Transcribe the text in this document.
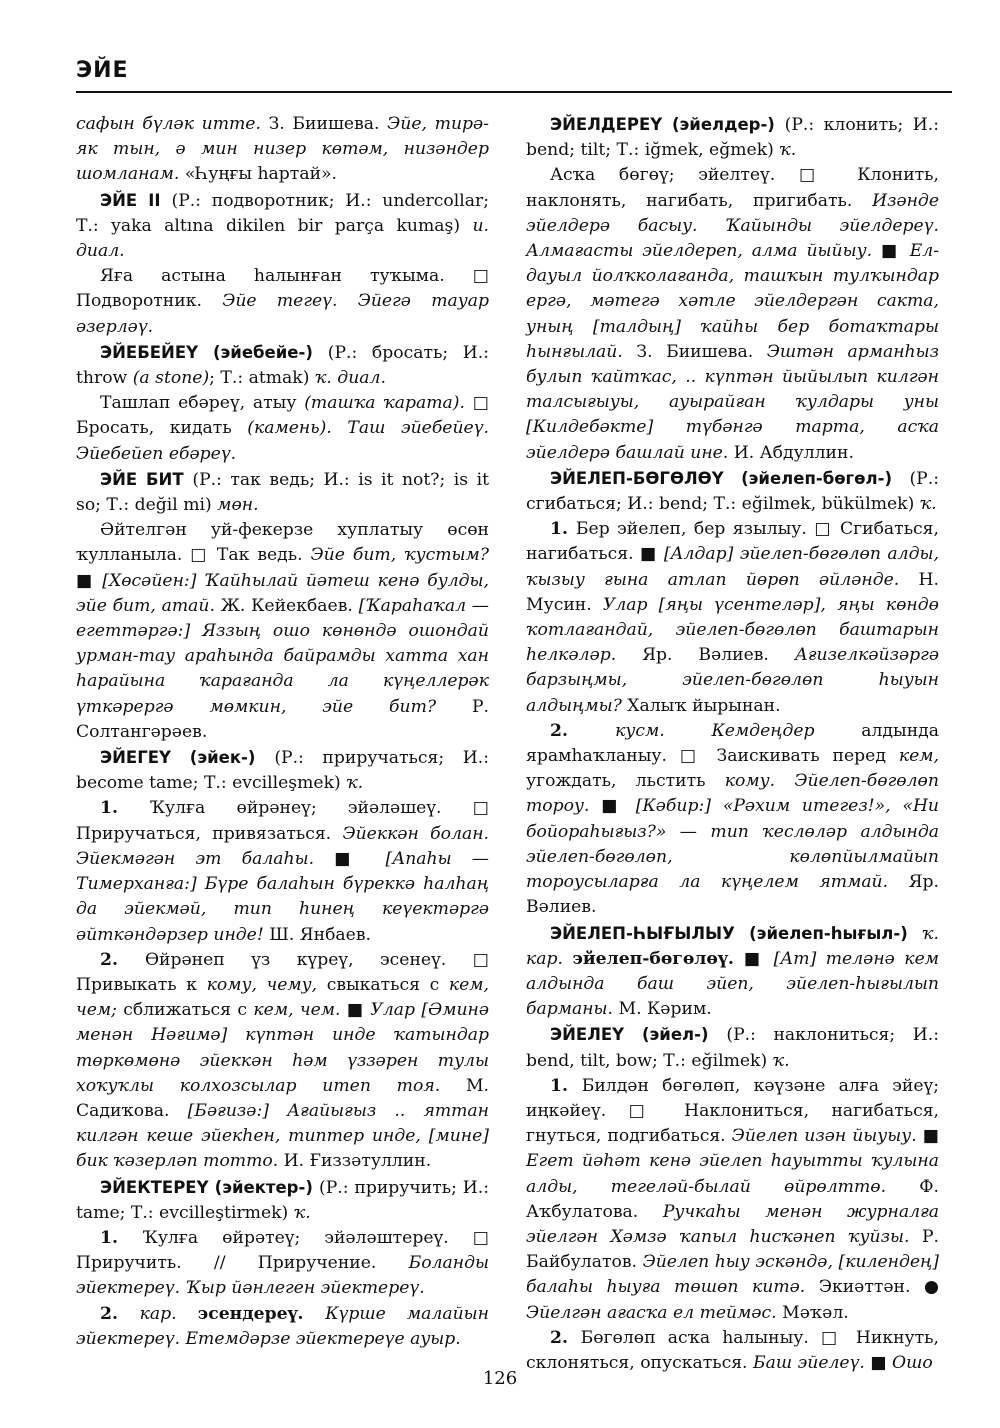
ЭЙЕ

сафын бүләк итте. З. Биишева. Эйе, тирә-як тын, ә мин низер көтәм, низәндер шомланам. «Һуңғы һартай».

ЭЙЕ II (Р.: подворотник; И.: undercollar; Т.: yaka altına dikilen bir parça kumaş) и. диал.

Яға астына һалынған туҡыма. □ Подворотник. Эйе тегеү. Эйегә тауар әзерләү.

ЭЙЕБЕЙЕҮ (эйебейе-) (Р.: бросать; И.: throw (a stone); Т.: atmak) ҡ. диал.

Ташлап ебәреү, атыу (ташҡа ҡарата). □ Бросать, кидать (камень). Таш эйебейеү. Эйебейеп ебәреү.

ЭЙЕ БИТ (Р.: так ведь; И.: is it not?; is it so; Т.: değil mi) мөн.

Әйтелгән уй-фекерзе хуплатыу өсөн ҡулланыла. □ Так ведь. Эйе бит, ҡустым? ■ [Хөсәйен:] Ҡайһылай йәтеш кенә булды, эйе бит, атай. Ж. Кейекбаев. [Ҡараһаҡал — егеттәргә:] Яззың ошо көнөндә ошондай урман-тау араһында байрамды хатта хан һарайына ҡарағанда ла күңеллерәк үткәрергә мөмкин, эйе бит? Р. Солтангәрәев.

ЭЙЕГЕҮ (эйек-) (Р.: приручаться; И.: become tame; Т.: evcilleşmek) ҡ.

1. Ҡулға өйрәнеү; эйәләшеү. □ Приручаться, привязаться. Эйеккән болан. Эйекмәгән эт балаһы. ■ [Апаһы — Тимерханға:] Бүре балаһын бүреккә һалһаң да эйекмәй, тип һинең кеүектәргә әйткәндәрзер инде! Ш. Янбаев.

2. Өйрәнеп үз күреү, эсенеү. □ Привыкать к кому, чему, свыкаться с кем, чем; сближаться с кем, чем. ■ Улар [Әминә менән Нәғимә] күптән инде ҡатындар төркөмөнә эйеккән һәм үззәрен тулы хоҡуҡлы колхозсылар итеп тоя. М. Садиҡова. [Бәғизә:] Ағайығыз .. яттан килгән кеше эйекһен, типтер инде, [мине] бик ҡәзерләп тотто. И. Ғиззәтуллин.

ЭЙЕКТЕРЕҮ (эйектер-) (Р.: приручить; И.: tame; Т.: evcilleştirmek) ҡ.

1. Ҡулға өйрәтеү; эйәләштереү. □ Приручить. // Приручение. Боланды эйектереү. Ҡыр йәнлеген эйектереү.

2. кар. эсендереү. Күрше малайын эйектереү. Етемдәрзе эйектереүе ауыр.

ЭЙЕЛДЕРЕҮ (эйелдер-) (Р.: клонить; И.: bend; tilt; Т.: iğmek, eğmek) ҡ.

Асҡа бөгөү; эйелтеү. □ Клонить, наклонять, нагибать, пригибать. Изәнде эйелдерә басыу. Ҡайынды эйелдереү. Алмағасты эйелдереп, алма йыйыу. ■ Ел-дауыл йолҡколағанда, ташҡын тулҡындар ергә, мәтегә хәтле эйелдергән сакта, уның [талдың] ҡайһы бер ботаҡтары һынғылай. З. Биишева. Эштән арманһыз булып ҡайтҡас, .. күптән йыйылып килгән талсығыуы, ауырайған ҡулдары уны [Килдебәкте] түбәнгә тарта, асҡа эйелдерә башлай ине. И. Абдуллин.

ЭЙЕЛЕП-БӨГӨЛӨҮ (эйелеп-бөгөл-) (Р.: сгибаться; И.: bend; Т.: eğilmek, bükülmek) ҡ.

1. Бер эйелеп, бер язылыу. □ Сгибаться, нагибаться. ■ [Алдар] эйелеп-бөгөлөп алды, ҡызыу ғына атлап йөрөп әйләнде. Н. Мусин. Улар [яңы үсентеләр], яңы көндө ҡотлағандай, эйелеп-бөгөлөп баштарын һелкәләр. Яр. Вәлиев. Ағизелкәйзәргә барзыңмы, эйелеп-бөгөлөп һыуын алдыңмы? Халыҡ йырынан.

2. кусм. Кемдеңдер алдында ярамһаҡланыу. □ Заискивать перед кем, угождать, льстить кому. Эйелеп-бөгөлөп тороу. ■ [Кәбир:] «Рәхим итегез!», «Ни бойораһығыз?» — тип ҡеслөләр алдында эйелеп-бөгөлөп, көлөпйылмайып тороусыларға ла күңелем ятмай. Яр. Вәлиев.

ЭЙЕЛЕП-ҺЫҒЫЛЫУ (эйелеп-һығыл-) ҡ. кар. эйелеп-бөгөлөү. ■ [Ат] теләнә кем алдында баш эйеп, эйелеп-һығылып барманы. М. Кәрим.

ЭЙЕЛЕҮ (эйел-) (Р.: наклониться; И.: bend, tilt, bow; Т.: eğilmek) ҡ.

1. Билдән бөгөлөп, кәүзәне алға эйеү; иңкәйеү. □ Наклониться, нагибаться, гнуться, подгибаться. Эйелеп изән йыуыу. ■ Егет йәһәт кенә эйелеп һауытты ҡулына алды, тегеләй-былай өйрөлттө. Ф. Аҡбулатова. Ручкаһы менән журналға эйелгән Хәмзә ҡапыл һисҡәнеп ҡуйзы. Р. Байбулатов. Эйелеп һыу эскәндә, [килендең] балаһы һыуға төшөп китә. Экиәттән. ● Эйелгән ағасҡа ел теймәс. Мәҡәл.

2. Бөгөлөп асҡа һалыныу. □ Никнуть, склоняться, опускаться. Баш эйелеү. ■ Ошо

126
